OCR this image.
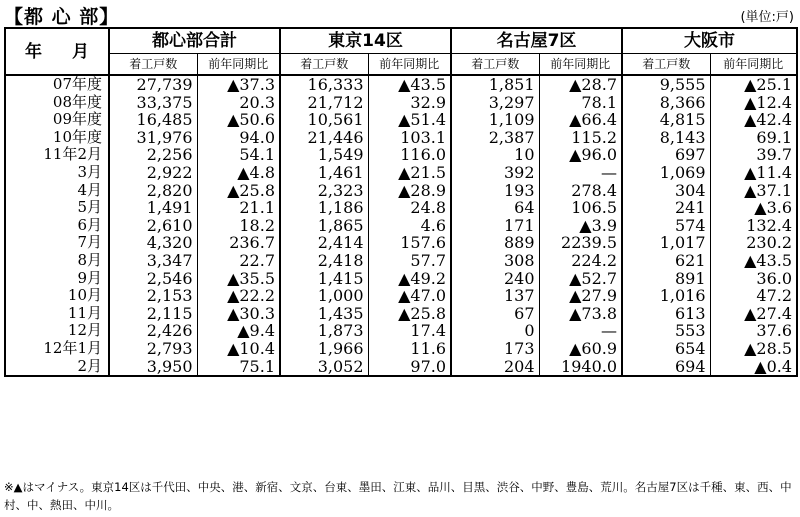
【都 心 部】	(単位:戸)
年 月	都心部合計		東京14区		名古屋7区		大阪市	
	着工戸数	前年同期比	着工戸数	前年同期比	着工戸数	前年同期比	着工戸数	前年同期比
07年度	27,739	▲37.3	16,333	▲43.5	1,851	▲28.7	9,555	▲25.1
08年度	33,375	20.3	21,712	32.9	3,297	78.1	8,366	▲12.4
09年度	16,485	▲50.6	10,561	▲51.4	1,109	▲66.4	4,815	▲42.4
10年度	31,976	94.0	21,446	103.1	2,387	115.2	8,143	69.1
11年2月	2,256	54.1	1,549	116.0	10	▲96.0	697	39.7
3月	2,922	▲4.8	1,461	▲21.5	392	—	1,069	▲11.4
4月	2,820	▲25.8	2,323	▲28.9	193	278.4	304	▲37.1
5月	1,491	21.1	1,186	24.8	64	106.5	241	▲3.6
6月	2,610	18.2	1,865	4.6	171	▲3.9	574	132.4
7月	4,320	236.7	2,414	157.6	889	2239.5	1,017	230.2
8月	3,347	22.7	2,418	57.7	308	224.2	621	▲43.5
9月	2,546	▲35.5	1,415	▲49.2	240	▲52.7	891	36.0
10月	2,153	▲22.2	1,000	▲47.0	137	▲27.9	1,016	47.2
11月	2,115	▲30.3	1,435	▲25.8	67	▲73.8	613	▲27.4
12月	2,426	▲9.4	1,873	17.4	0	—	553	37.6
12年1月	2,793	▲10.4	1,966	11.6	173	▲60.9	654	▲28.5
2月	3,950	75.1	3,052	97.0	204	1940.0	694	▲0.4
※▲はマイナス。東京14区は千代田、中央、港、新宿、文京、台東、墨田、江東、品川、目黒、渋谷、中野、豊島、荒川。名古屋7区は千種、東、西、中村、中、熱田、中川。
